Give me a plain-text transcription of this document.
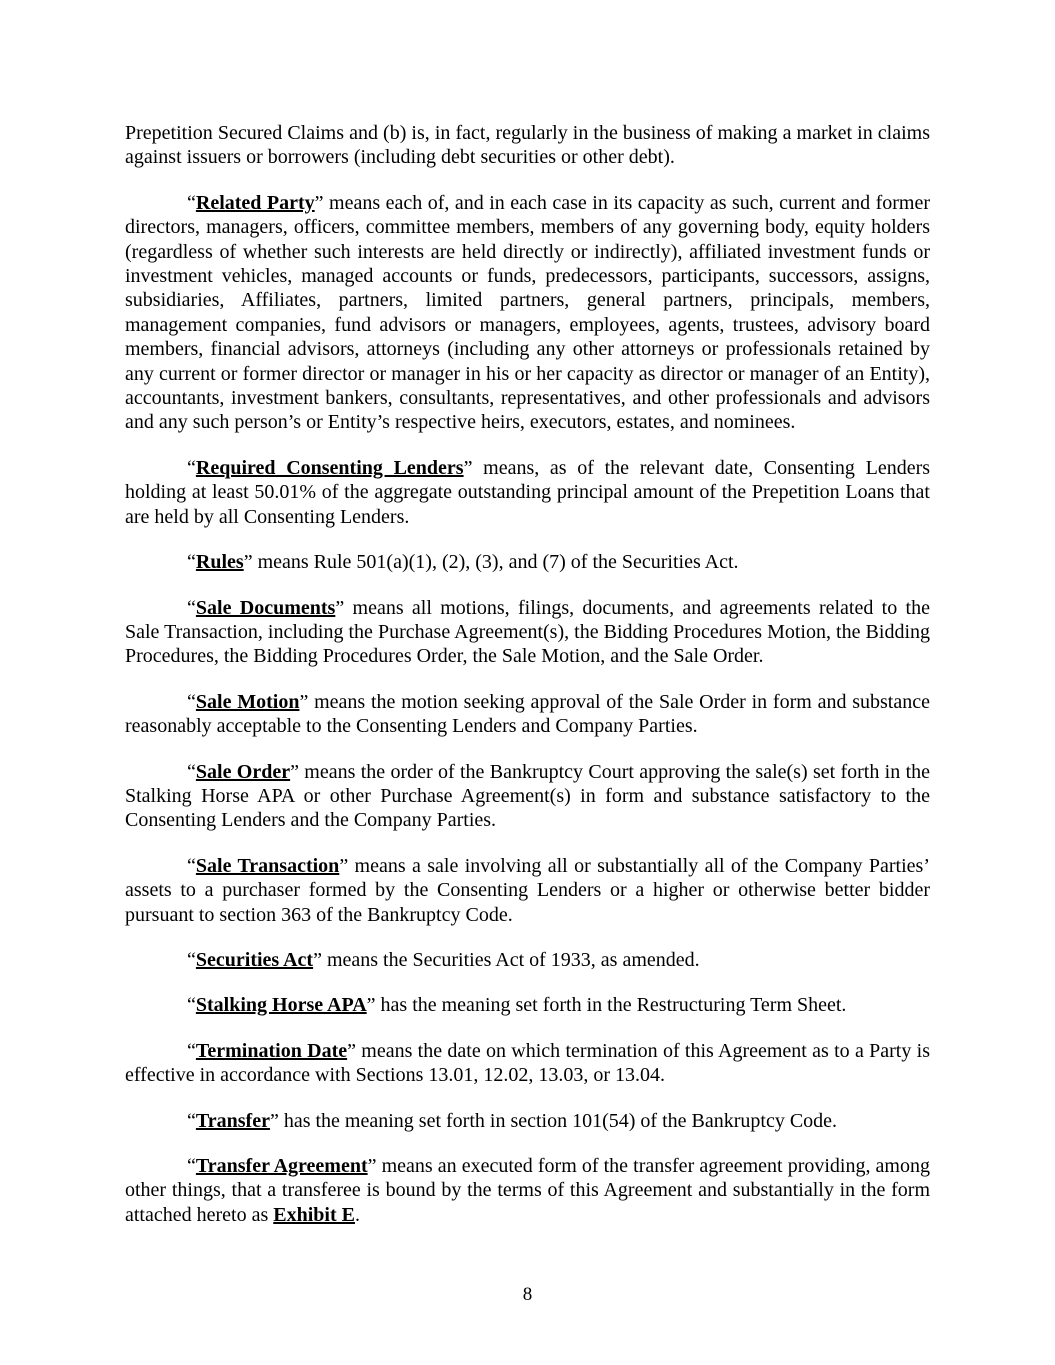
Prepetition Secured Claims and (b) is, in fact, regularly in the business of making a market in claims against issuers or borrowers (including debt securities or other debt).

“Related Party” means each of, and in each case in its capacity as such, current and former directors, managers, officers, committee members, members of any governing body, equity holders (regardless of whether such interests are held directly or indirectly), affiliated investment funds or investment vehicles, managed accounts or funds, predecessors, participants, successors, assigns, subsidiaries, Affiliates, partners, limited partners, general partners, principals, members, management companies, fund advisors or managers, employees, agents, trustees, advisory board members, financial advisors, attorneys (including any other attorneys or professionals retained by any current or former director or manager in his or her capacity as director or manager of an Entity), accountants, investment bankers, consultants, representatives, and other professionals and advisors and any such person’s or Entity’s respective heirs, executors, estates, and nominees.

“Required Consenting Lenders” means, as of the relevant date, Consenting Lenders holding at least 50.01% of the aggregate outstanding principal amount of the Prepetition Loans that are held by all Consenting Lenders.

“Rules” means Rule 501(a)(1), (2), (3), and (7) of the Securities Act.

“Sale Documents” means all motions, filings, documents, and agreements related to the Sale Transaction, including the Purchase Agreement(s), the Bidding Procedures Motion, the Bidding Procedures, the Bidding Procedures Order, the Sale Motion, and the Sale Order.

“Sale Motion” means the motion seeking approval of the Sale Order in form and substance reasonably acceptable to the Consenting Lenders and Company Parties.

“Sale Order” means the order of the Bankruptcy Court approving the sale(s) set forth in the Stalking Horse APA or other Purchase Agreement(s) in form and substance satisfactory to the Consenting Lenders and the Company Parties.

“Sale Transaction” means a sale involving all or substantially all of the Company Parties’ assets to a purchaser formed by the Consenting Lenders or a higher or otherwise better bidder pursuant to section 363 of the Bankruptcy Code.

“Securities Act” means the Securities Act of 1933, as amended.

“Stalking Horse APA” has the meaning set forth in the Restructuring Term Sheet.

“Termination Date” means the date on which termination of this Agreement as to a Party is effective in accordance with Sections 13.01, 12.02, 13.03, or 13.04.

“Transfer” has the meaning set forth in section 101(54) of the Bankruptcy Code.

“Transfer Agreement” means an executed form of the transfer agreement providing, among other things, that a transferee is bound by the terms of this Agreement and substantially in the form attached hereto as Exhibit E.

8
